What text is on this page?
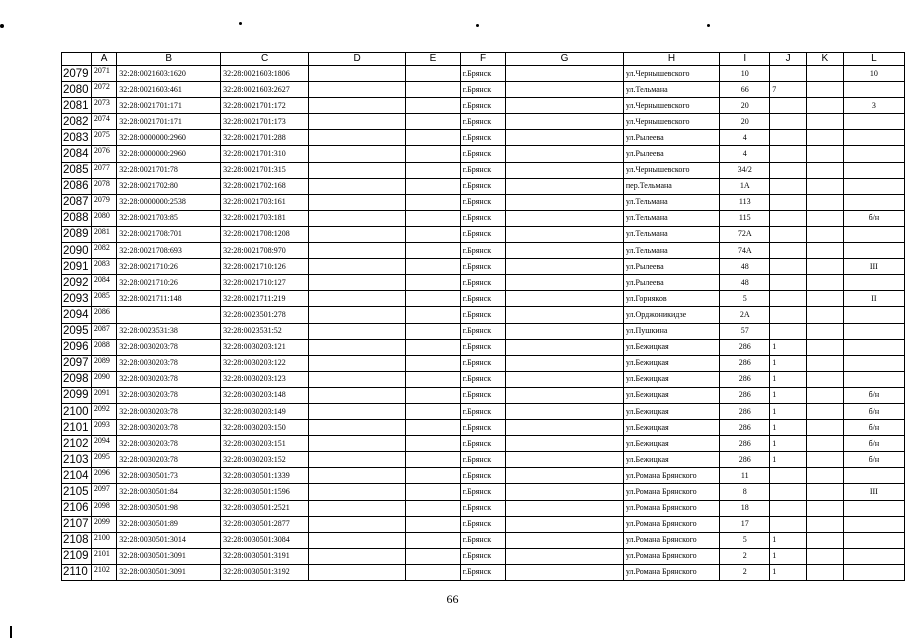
	A	B	C	D	E	F	G	H	I	J	K	L
2079	2071	32:28:0021603:1620	32:28:0021603:1806			г.Брянск		ул.Чернышевского	10			10
2080	2072	32:28:0021603:461	32:28:0021603:2627			г.Брянск		ул.Тельмана	66	7		
2081	2073	32:28:0021701:171	32:28:0021701:172			г.Брянск		ул.Чернышевского	20			3
2082	2074	32:28:0021701:171	32:28:0021701:173			г.Брянск		ул.Чернышевского	20			
2083	2075	32:28:0000000:2960	32:28:0021701:288			г.Брянск		ул.Рылеева	4			
2084	2076	32:28:0000000:2960	32:28:0021701:310			г.Брянск		ул.Рылеева	4			
2085	2077	32:28:0021701:78	32:28:0021701:315			г.Брянск		ул.Чернышевского	34/2			
2086	2078	32:28:0021702:80	32:28:0021702:168			г.Брянск		пер.Тельмана	1А			
2087	2079	32:28:0000000:2538	32:28:0021703:161			г.Брянск		ул.Тельмана	113			
2088	2080	32:28:0021703:85	32:28:0021703:181			г.Брянск		ул.Тельмана	115			б/н
2089	2081	32:28:0021708:701	32:28:0021708:1208			г.Брянск		ул.Тельмана	72А			
2090	2082	32:28:0021708:693	32:28:0021708:970			г.Брянск		ул.Тельмана	74А			
2091	2083	32:28:0021710:26	32:28:0021710:126			г.Брянск		ул.Рылеева	48			III
2092	2084	32:28:0021710:26	32:28:0021710:127			г.Брянск		ул.Рылеева	48			
2093	2085	32:28:0021711:148	32:28:0021711:219			г.Брянск		ул.Горняков	5			II
2094	2086		32:28:0023501:278			г.Брянск		ул.Орджоникидзе	2А			
2095	2087	32:28:0023531:38	32:28:0023531:52			г.Брянск		ул.Пушкина	57			
2096	2088	32:28:0030203:78	32:28:0030203:121			г.Брянск		ул.Бежицкая	286	1		
2097	2089	32:28:0030203:78	32:28:0030203:122			г.Брянск		ул.Бежицкая	286	1		
2098	2090	32:28:0030203:78	32:28:0030203:123			г.Брянск		ул.Бежицкая	286	1		
2099	2091	32:28:0030203:78	32:28:0030203:148			г.Брянск		ул.Бежицкая	286	1		б/н
2100	2092	32:28:0030203:78	32:28:0030203:149			г.Брянск		ул.Бежицкая	286	1		б/н
2101	2093	32:28:0030203:78	32:28:0030203:150			г.Брянск		ул.Бежицкая	286	1		б/н
2102	2094	32:28:0030203:78	32:28:0030203:151			г.Брянск		ул.Бежицкая	286	1		б/н
2103	2095	32:28:0030203:78	32:28:0030203:152			г.Брянск		ул.Бежицкая	286	1		б/н
2104	2096	32:28:0030501:73	32:28:0030501:1339			г.Брянск		ул.Романа Брянского	11			
2105	2097	32:28:0030501:84	32:28:0030501:1596			г.Брянск		ул.Романа Брянского	8			III
2106	2098	32:28:0030501:98	32:28:0030501:2521			г.Брянск		ул.Романа Брянского	18			
2107	2099	32:28:0030501:89	32:28:0030501:2877			г.Брянск		ул.Романа Брянского	17			
2108	2100	32:28:0030501:3014	32:28:0030501:3084			г.Брянск		ул.Романа Брянского	5	1		
2109	2101	32:28:0030501:3091	32:28:0030501:3191			г.Брянск		ул.Романа Брянского	2	1		
2110	2102	32:28:0030501:3091	32:28:0030501:3192			г.Брянск		ул.Романа Брянского	2	1		
66
